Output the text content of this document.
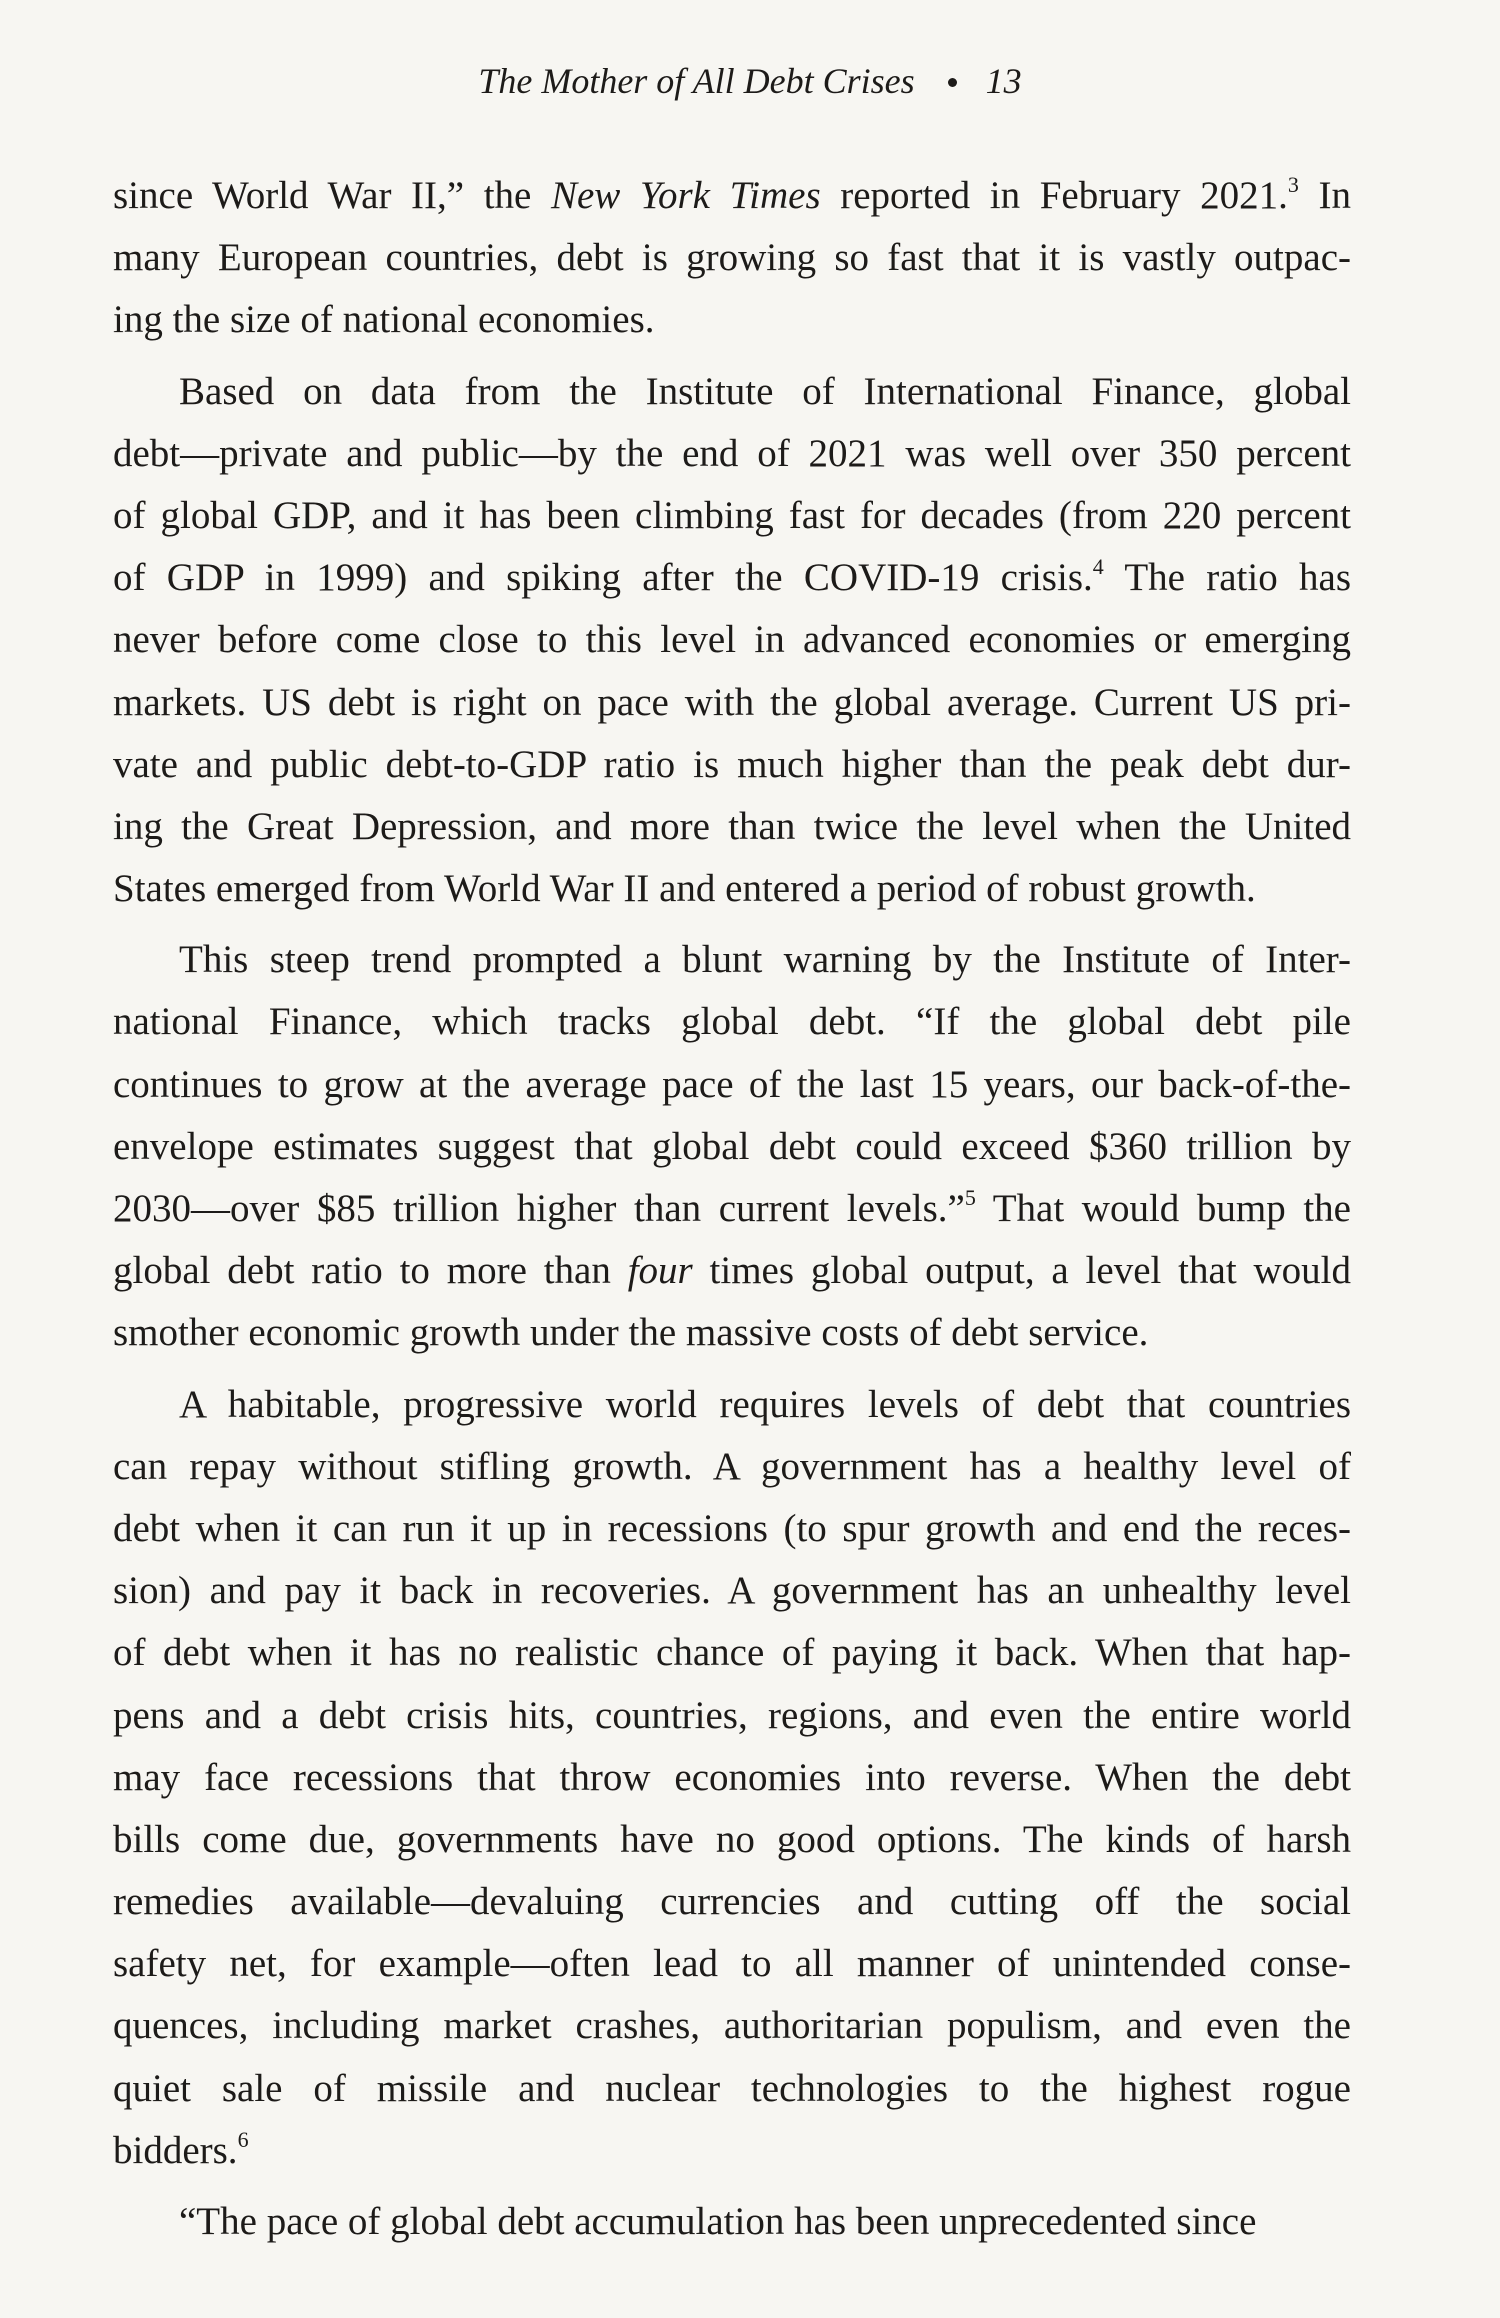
The Mother of All Debt Crises 13
since World War II,” the New York Times reported in February 2021.$^3$ In
many European countries, debt is growing so fast that it is vastly outpac-
ing the size of national economies.
Based on data from the Institute of International Finance, global
debt—private and public—by the end of 2021 was well over 350 percent
of global GDP, and it has been climbing fast for decades (from 220 percent
of GDP in 1999) and spiking after the COVID-19 crisis.$^4$ The ratio has
never before come close to this level in advanced economies or emerging
markets. US debt is right on pace with the global average. Current US pri-
vate and public debt-to-GDP ratio is much higher than the peak debt dur-
ing the Great Depression, and more than twice the level when the United
States emerged from World War II and entered a period of robust growth.
This steep trend prompted a blunt warning by the Institute of Inter-
national Finance, which tracks global debt. “If the global debt pile
continues to grow at the average pace of the last 15 years, our back-of-the-
envelope estimates suggest that global debt could exceed $360 trillion by
2030—over $85 trillion higher than current levels.”$^5$ That would bump the
global debt ratio to more than four times global output, a level that would
smother economic growth under the massive costs of debt service.
A habitable, progressive world requires levels of debt that countries
can repay without stifling growth. A government has a healthy level of
debt when it can run it up in recessions (to spur growth and end the reces-
sion) and pay it back in recoveries. A government has an unhealthy level
of debt when it has no realistic chance of paying it back. When that hap-
pens and a debt crisis hits, countries, regions, and even the entire world
may face recessions that throw economies into reverse. When the debt
bills come due, governments have no good options. The kinds of harsh
remedies available—devaluing currencies and cutting off the social
safety net, for example—often lead to all manner of unintended conse-
quences, including market crashes, authoritarian populism, and even the
quiet sale of missile and nuclear technologies to the highest rogue
bidders.$^6$
“The pace of global debt accumulation has been unprecedented since
